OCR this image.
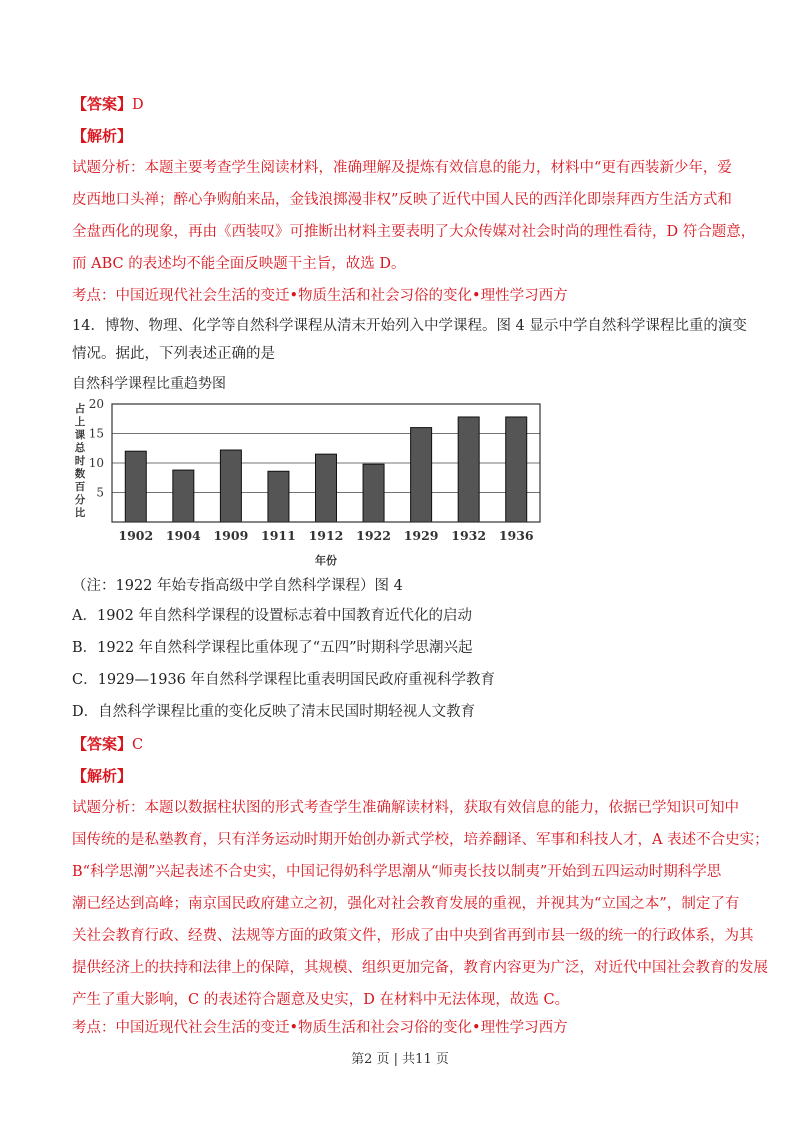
【答案】D
【解析】
试题分析：本题主要考查学生阅读材料，准确理解及提炼有效信息的能力，材料中“更有西装新少年，爱
皮西地口头禅；醉心争购舶来品，金钱浪掷漫非权”反映了近代中国人民的西洋化即崇拜西方生活方式和
全盘西化的现象，再由《西装叹》可推断出材料主要表明了大众传媒对社会时尚的理性看待，D 符合题意，
而 ABC 的表述均不能全面反映题干主旨，故选 D。
考点：中国近现代社会生活的变迁•物质生活和社会习俗的变化•理性学习西方
14．博物、物理、化学等自然科学课程从清末开始列入中学课程。图 4 显示中学自然科学课程比重的演变
情况。据此，下列表述正确的是
自然科学课程比重趋势图
占
上
课
总
时
数
百
分
比
20
15
10
5
1902 1904 1909 1911 1912 1922 1929 1932 1936
年份
（注：1922 年始专指高级中学自然科学课程）图 4
A．1902 年自然科学课程的设置标志着中国教育近代化的启动
B．1922 年自然科学课程比重体现了“五四”时期科学思潮兴起
C．1929—1936 年自然科学课程比重表明国民政府重视科学教育
D．自然科学课程比重的变化反映了清末民国时期轻视人文教育
【答案】C
【解析】
试题分析：本题以数据柱状图的形式考查学生准确解读材料，获取有效信息的能力，依据已学知识可知中
国传统的是私塾教育，只有洋务运动时期开始创办新式学校，培养翻译、军事和科技人才，A 表述不合史实；
B“科学思潮”兴起表述不合史实，中国记得奶科学思潮从“师夷长技以制夷”开始到五四运动时期科学思
潮已经达到高峰；南京国民政府建立之初，强化对社会教育发展的重视，并视其为“立国之本”，制定了有
关社会教育行政、经费、法规等方面的政策文件，形成了由中央到省再到市县一级的统一的行政体系，为其
提供经济上的扶持和法律上的保障，其规模、组织更加完备，教育内容更为广泛，对近代中国社会教育的发展
产生了重大影响，C 的表述符合题意及史实，D 在材料中无法体现，故选 C。
考点：中国近现代社会生活的变迁•物质生活和社会习俗的变化•理性学习西方
第2 页 | 共11 页
